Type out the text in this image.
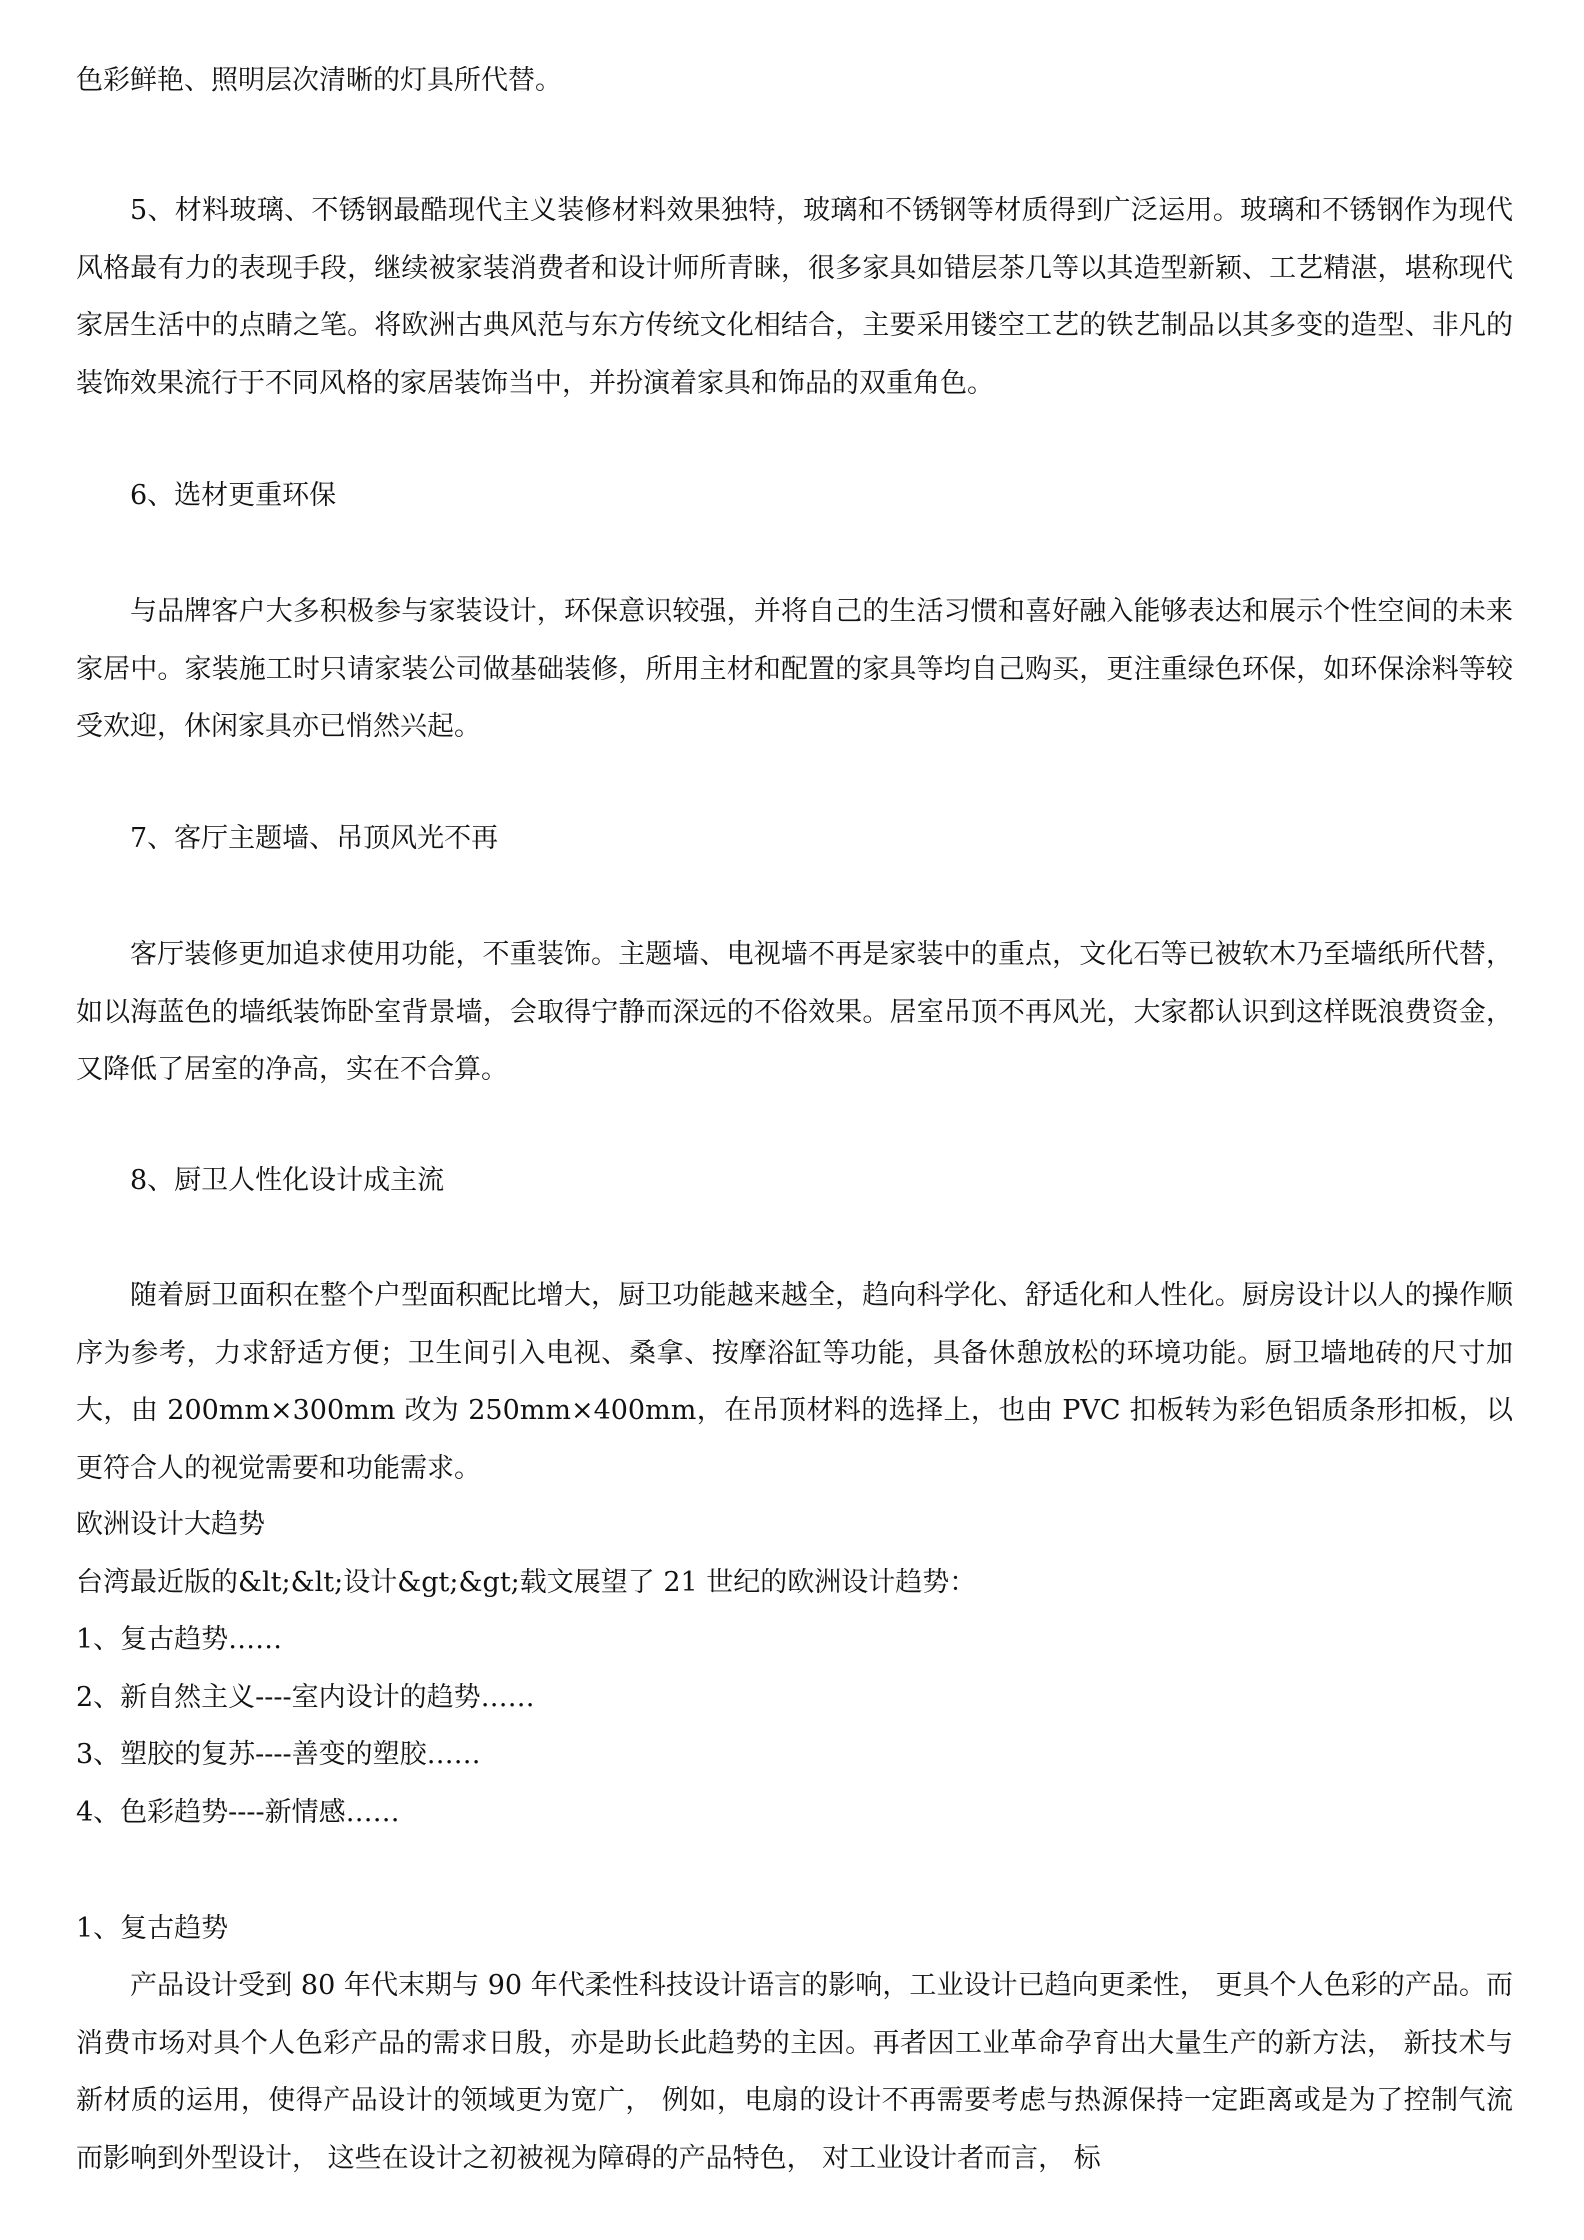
色彩鲜艳、照明层次清晰的灯具所代替。

5、材料玻璃、不锈钢最酷现代主义装修材料效果独特，玻璃和不锈钢等材质得到广泛运用。玻璃和不锈钢作为现代风格最有力的表现手段，继续被家装消费者和设计师所青睐，很多家具如错层茶几等以其造型新颖、工艺精湛，堪称现代家居生活中的点睛之笔。将欧洲古典风范与东方传统文化相结合，主要采用镂空工艺的铁艺制品以其多变的造型、非凡的装饰效果流行于不同风格的家居装饰当中，并扮演着家具和饰品的双重角色。

6、选材更重环保

与品牌客户大多积极参与家装设计，环保意识较强，并将自己的生活习惯和喜好融入能够表达和展示个性空间的未来家居中。家装施工时只请家装公司做基础装修，所用主材和配置的家具等均自己购买，更注重绿色环保，如环保涂料等较受欢迎，休闲家具亦已悄然兴起。

7、客厅主题墙、吊顶风光不再

客厅装修更加追求使用功能，不重装饰。主题墙、电视墙不再是家装中的重点，文化石等已被软木乃至墙纸所代替，如以海蓝色的墙纸装饰卧室背景墙，会取得宁静而深远的不俗效果。居室吊顶不再风光，大家都认识到这样既浪费资金，又降低了居室的净高，实在不合算。

8、厨卫人性化设计成主流

随着厨卫面积在整个户型面积配比增大，厨卫功能越来越全，趋向科学化、舒适化和人性化。厨房设计以人的操作顺序为参考，力求舒适方便；卫生间引入电视、桑拿、按摩浴缸等功能，具备休憩放松的环境功能。厨卫墙地砖的尺寸加大，由 200mm×300mm 改为 250mm×400mm，在吊顶材料的选择上，也由 PVC 扣板转为彩色铝质条形扣板，以更符合人的视觉需要和功能需求。

欧洲设计大趋势
台湾最近版的&lt;&lt;设计&gt;&gt;载文展望了 21 世纪的欧洲设计趋势：
1、复古趋势……
2、新自然主义----室内设计的趋势……
3、塑胶的复苏----善变的塑胶……
4、色彩趋势----新情感……

1、复古趋势

产品设计受到 80 年代末期与 90 年代柔性科技设计语言的影响，工业设计已趋向更柔性， 更具个人色彩的产品。而消费市场对具个人色彩产品的需求日殷，亦是助长此趋势的主因。再者因工业革命孕育出大量生产的新方法， 新技术与新材质的运用，使得产品设计的领域更为宽广， 例如，电扇的设计不再需要考虑与热源保持一定距离或是为了控制气流而影响到外型设计， 这些在设计之初被视为障碍的产品特色， 对工业设计者而言， 标
